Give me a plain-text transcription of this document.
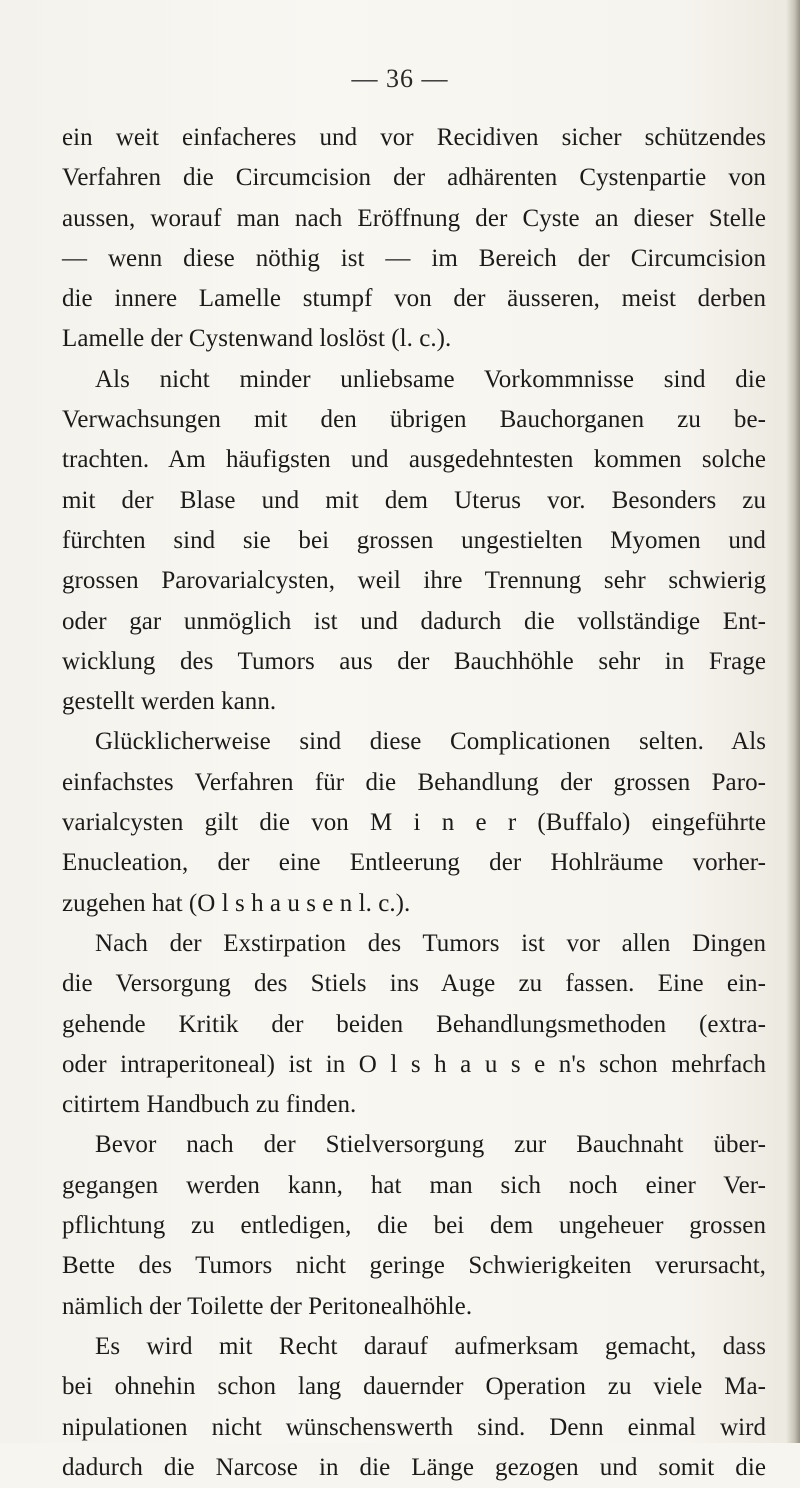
— 36 —
ein weit einfacheres und vor Recidiven sicher schützendes
Verfahren die Circumcision der adhärenten Cystenpartie von
aussen, worauf man nach Eröffnung der Cyste an dieser Stelle
— wenn diese nöthig ist — im Bereich der Circumcision
die innere Lamelle stumpf von der äusseren, meist derben
Lamelle der Cystenwand loslöst (l. c.).
Als nicht minder unliebsame Vorkommnisse sind die
Verwachsungen mit den übrigen Bauchorganen zu be-
trachten. Am häufigsten und ausgedehntesten kommen solche
mit der Blase und mit dem Uterus vor. Besonders zu
fürchten sind sie bei grossen ungestielten Myomen und
grossen Parovarialcysten, weil ihre Trennung sehr schwierig
oder gar unmöglich ist und dadurch die vollständige Ent-
wicklung des Tumors aus der Bauchhöhle sehr in Frage
gestellt werden kann.
Glücklicherweise sind diese Complicationen selten. Als
einfachstes Verfahren für die Behandlung der grossen Paro-
varialcysten gilt die von M i n e r (Buffalo) eingeführte
Enucleation, der eine Entleerung der Hohlräume vorher-
zugehen hat (O l s h a u s e n l. c.).
Nach der Exstirpation des Tumors ist vor allen Dingen
die Versorgung des Stiels ins Auge zu fassen. Eine ein-
gehende Kritik der beiden Behandlungsmethoden (extra-
oder intraperitoneal) ist in O l s h a u s e n's schon mehrfach
citirtem Handbuch zu finden.
Bevor nach der Stielversorgung zur Bauchnaht über-
gegangen werden kann, hat man sich noch einer Ver-
pflichtung zu entledigen, die bei dem ungeheuer grossen
Bette des Tumors nicht geringe Schwierigkeiten verursacht,
nämlich der Toilette der Peritonealhöhle.
Es wird mit Recht darauf aufmerksam gemacht, dass
bei ohnehin schon lang dauernder Operation zu viele Ma-
nipulationen nicht wünschenswerth sind. Denn einmal wird
dadurch die Narcose in die Länge gezogen und somit die
